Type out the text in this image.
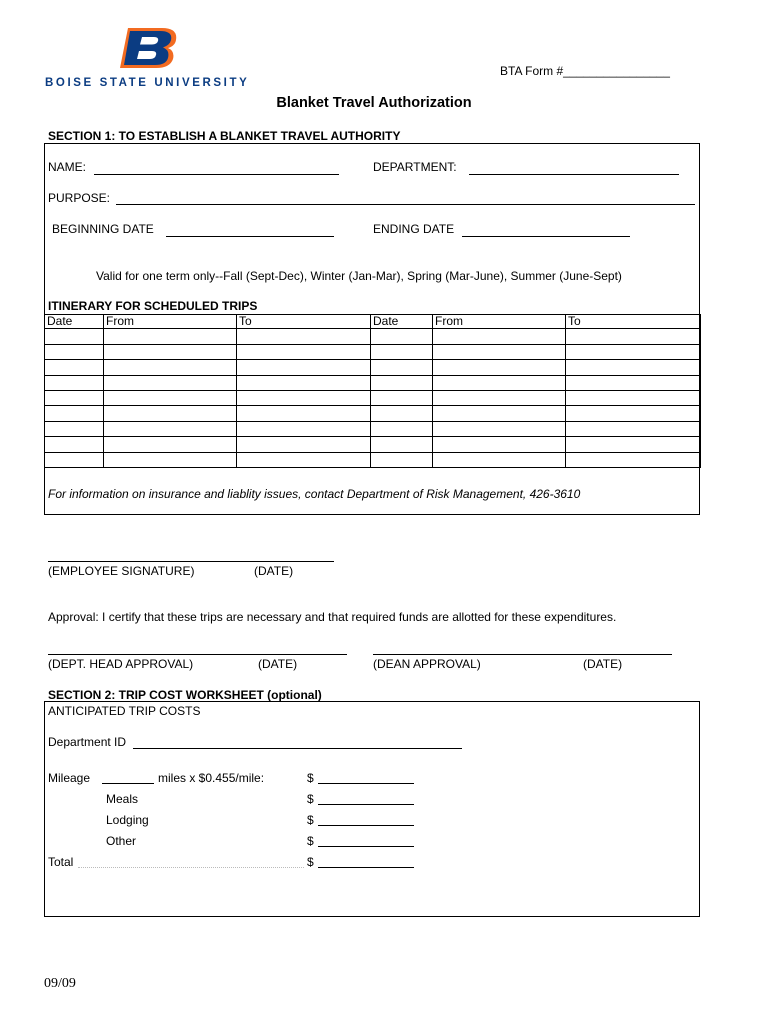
BOISE STATE UNIVERSITY
BTA Form #________________
Blanket Travel Authorization
SECTION 1: TO ESTABLISH A BLANKET TRAVEL AUTHORITY
NAME:	DEPARTMENT:
PURPOSE:
BEGINNING DATE	ENDING DATE
Valid for one term only--Fall (Sept-Dec), Winter (Jan-Mar), Spring (Mar-June), Summer (June-Sept)
ITINERARY FOR SCHEDULED TRIPS
Date	From	To	Date	From	To

For information on insurance and liablity issues, contact Department of Risk Management, 426-3610
(EMPLOYEE SIGNATURE)	(DATE)
Approval: I certify that these trips are necessary and that required funds are allotted for these expenditures.
(DEPT. HEAD APPROVAL)	(DATE)	(DEAN APPROVAL)	(DATE)
SECTION 2: TRIP COST WORKSHEET (optional)
ANTICIPATED TRIP COSTS
Department ID
Mileage	miles x $0.455/mile:	$
Meals	$
Lodging	$
Other	$
Total	$
09/09
